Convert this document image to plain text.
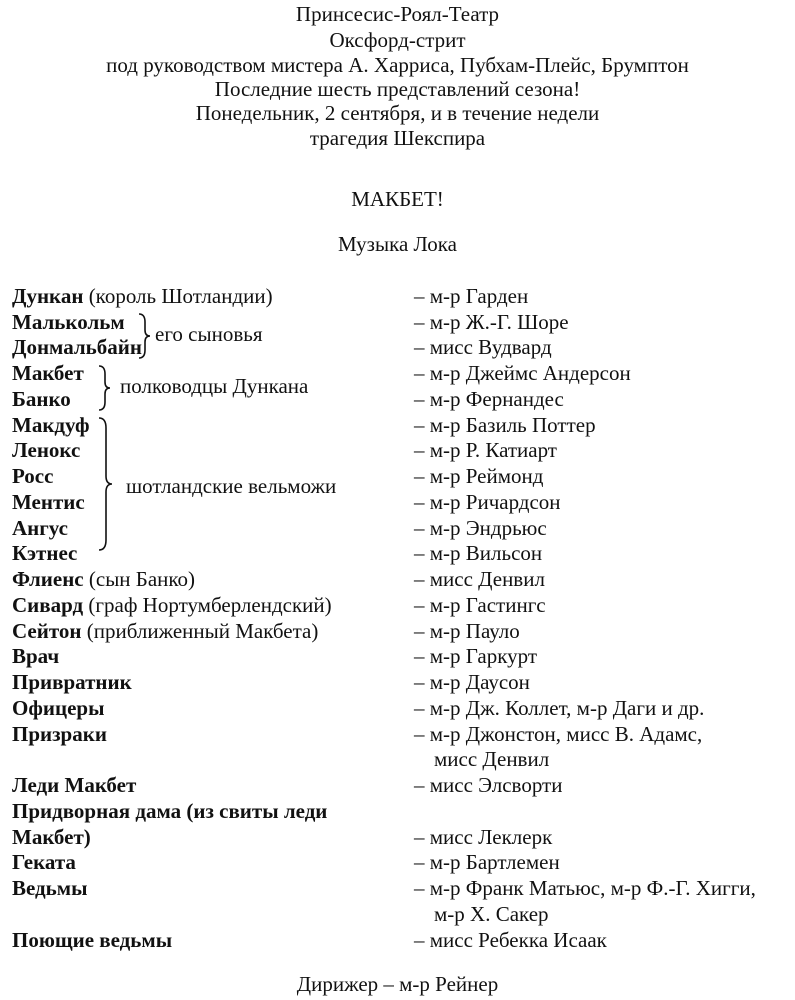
Принсесис-Роял-Театр
Оксфорд-стрит
под руководством мистера А. Харриса, Пубхам-Плейс, Брумптон
Последние шесть представлений сезона!
Понедельник, 2 сентября, и в течение недели
трагедия Шекспира
МАКБЕТ!
Музыка Лока
Дункан (король Шотландии)
Малькольм
Донмальбайн
Макбет
Банко
Макдуф
Ленокс
Росс
Ментис
Ангус
Кэтнес
Флиенс (сын Банко)
Сивард (граф Нортумберлендский)
Сейтон (приближенный Макбета)
Врач
Привратник
Офицеры
Призраки
Леди Макбет
Придворная дама (из свиты леди
Макбет)
Геката
Ведьмы
Поющие ведьмы
его сыновья
полководцы Дункана
шотландские вельможи
– м-р Гарден
– м-р Ж.-Г. Шоре
– мисс Вудвард
– м-р Джеймс Андерсон
– м-р Фернандес
– м-р Базиль Поттер
– м-р Р. Катиарт
– м-р Реймонд
– м-р Ричардсон
– м-р Эндрьюс
– м-р Вильсон
– мисс Денвил
– м-р Гастингс
– м-р Пауло
– м-р Гаркурт
– м-р Даусон
– м-р Дж. Коллет, м-р Даги и др.
– м-р Джонстон, мисс В. Адамс,
мисс Денвил
– мисс Элсворти
– мисс Леклерк
– м-р Бартлемен
– м-р Франк Матьюс, м-р Ф.-Г. Хигги,
м-р Х. Сакер
– мисс Ребекка Исаак
Дирижер – м-р Рейнер
